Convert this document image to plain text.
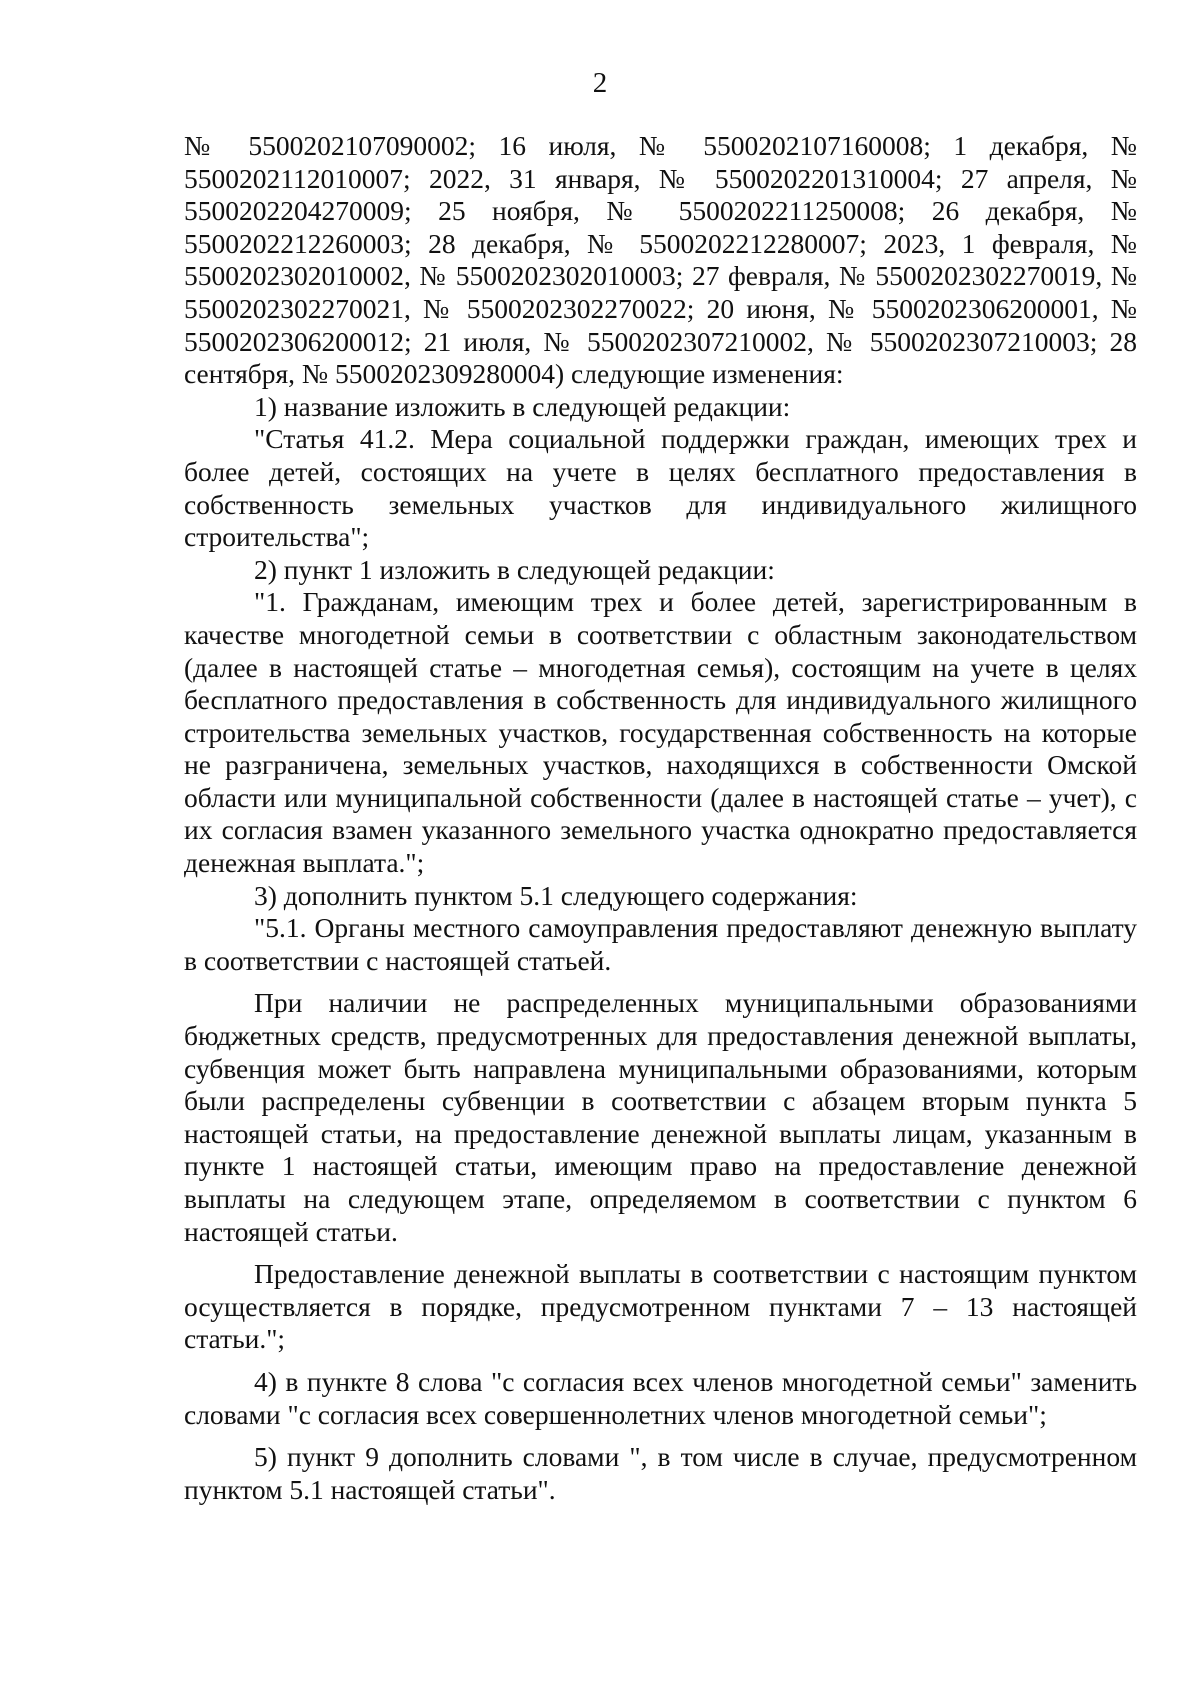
2

№ 5500202107090002; 16 июля, № 5500202107160008; 1 декабря, № 5500202112010007; 2022, 31 января, № 5500202201310004; 27 апреля, № 5500202204270009; 25 ноября, № 5500202211250008; 26 декабря, № 5500202212260003; 28 декабря, № 5500202212280007; 2023, 1 февраля, № 5500202302010002, № 5500202302010003; 27 февраля, № 5500202302270019, № 5500202302270021, № 5500202302270022; 20 июня, № 5500202306200001, № 5500202306200012; 21 июля, № 5500202307210002, № 5500202307210003; 28 сентября, № 5500202309280004) следующие изменения:

1) название изложить в следующей редакции:

"Статья 41.2. Мера социальной поддержки граждан, имеющих трех и более детей, состоящих на учете в целях бесплатного предоставления в собственность земельных участков для индивидуального жилищного строительства";

2) пункт 1 изложить в следующей редакции:

"1. Гражданам, имеющим трех и более детей, зарегистрированным в качестве многодетной семьи в соответствии с областным законодательством (далее в настоящей статье – многодетная семья), состоящим на учете в целях бесплатного предоставления в собственность для индивидуального жилищного строительства земельных участков, государственная собственность на которые не разграничена, земельных участков, находящихся в собственности Омской области или муниципальной собственности (далее в настоящей статье – учет), с их согласия взамен указанного земельного участка однократно предоставляется денежная выплата.";

3) дополнить пунктом 5.1 следующего содержания:

"5.1. Органы местного самоуправления предоставляют денежную выплату в соответствии с настоящей статьей.

При наличии не распределенных муниципальными образованиями бюджетных средств, предусмотренных для предоставления денежной выплаты, субвенция может быть направлена муниципальными образованиями, которым были распределены субвенции в соответствии с абзацем вторым пункта 5 настоящей статьи, на предоставление денежной выплаты лицам, указанным в пункте 1 настоящей статьи, имеющим право на предоставление денежной выплаты на следующем этапе, определяемом в соответствии с пунктом 6 настоящей статьи.

Предоставление денежной выплаты в соответствии с настоящим пунктом осуществляется в порядке, предусмотренном пунктами 7 – 13 настоящей статьи.";

4) в пункте 8 слова "с согласия всех членов многодетной семьи" заменить словами "с согласия всех совершеннолетних членов многодетной семьи";

5) пункт 9 дополнить словами ", в том числе в случае, предусмотренном пунктом 5.1 настоящей статьи".
